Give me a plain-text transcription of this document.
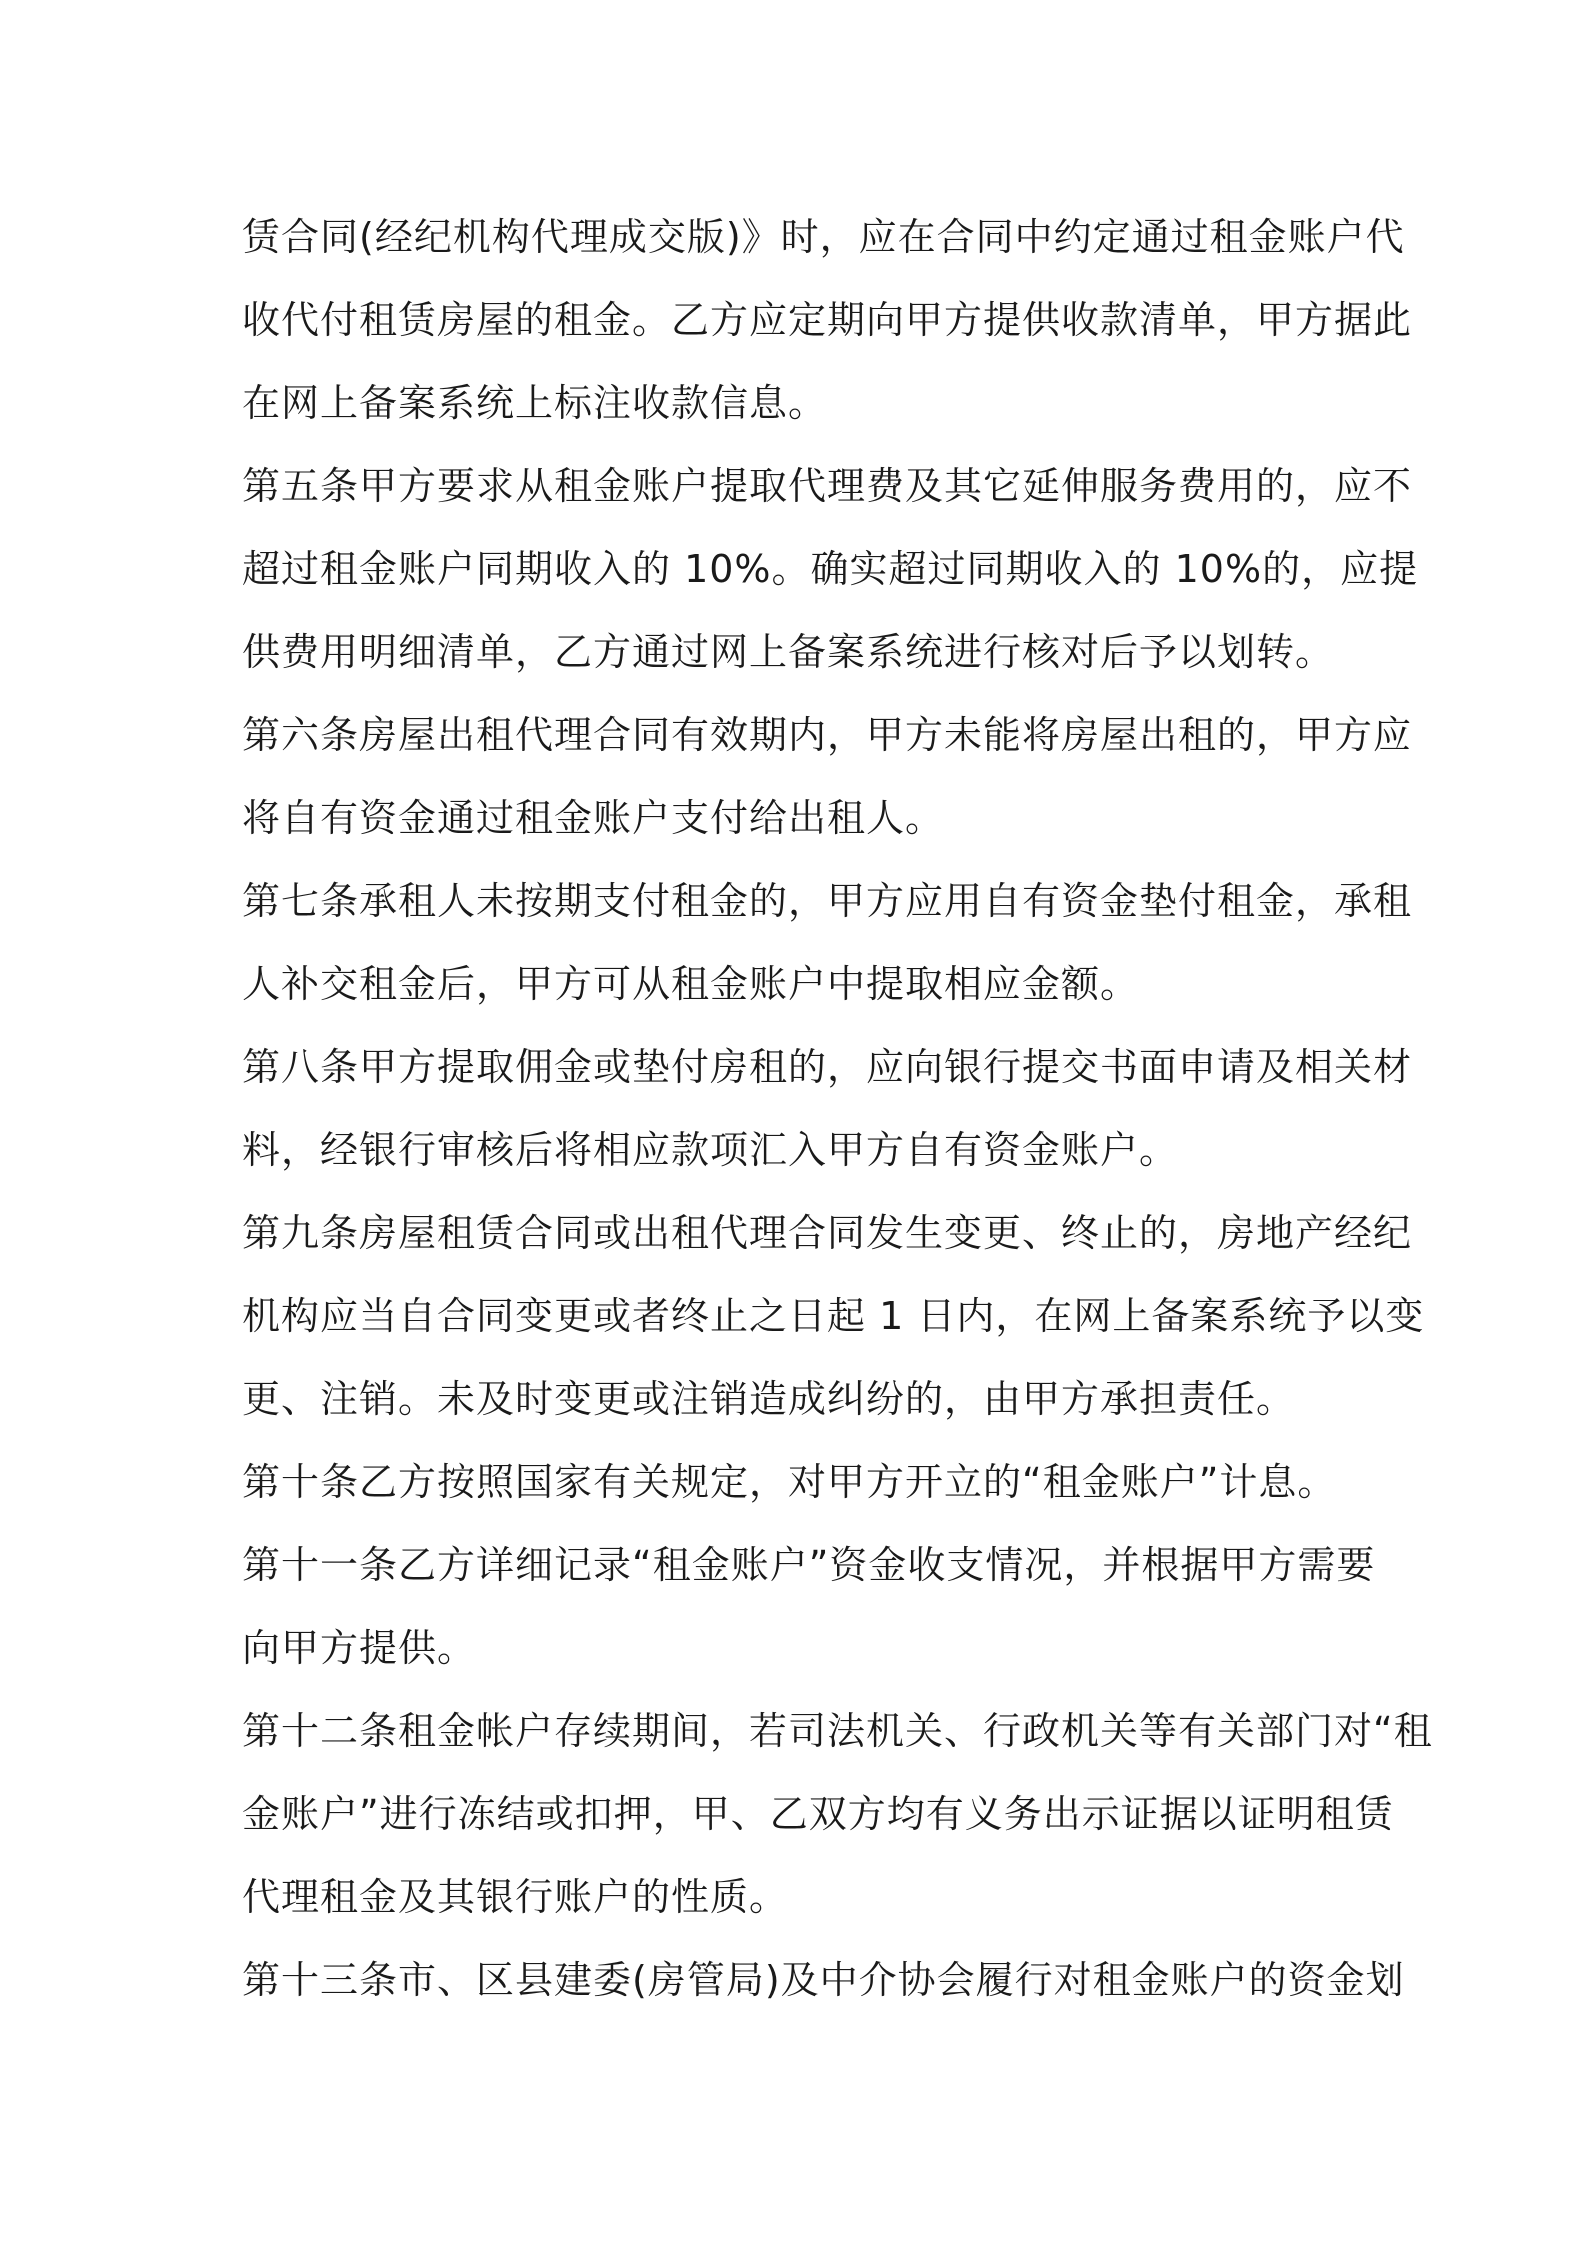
赁合同(经纪机构代理成交版)》时，应在合同中约定通过租金账户代
收代付租赁房屋的租金。乙方应定期向甲方提供收款清单，甲方据此
在网上备案系统上标注收款信息。
第五条甲方要求从租金账户提取代理费及其它延伸服务费用的，应不
超过租金账户同期收入的 10%。确实超过同期收入的 10%的，应提
供费用明细清单，乙方通过网上备案系统进行核对后予以划转。
第六条房屋出租代理合同有效期内，甲方未能将房屋出租的，甲方应
将自有资金通过租金账户支付给出租人。
第七条承租人未按期支付租金的，甲方应用自有资金垫付租金，承租
人补交租金后，甲方可从租金账户中提取相应金额。
第八条甲方提取佣金或垫付房租的，应向银行提交书面申请及相关材
料，经银行审核后将相应款项汇入甲方自有资金账户。
第九条房屋租赁合同或出租代理合同发生变更、终止的，房地产经纪
机构应当自合同变更或者终止之日起 1 日内，在网上备案系统予以变
更、注销。未及时变更或注销造成纠纷的，由甲方承担责任。
第十条乙方按照国家有关规定，对甲方开立的“租金账户”计息。
第十一条乙方详细记录“租金账户”资金收支情况，并根据甲方需要
向甲方提供。
第十二条租金帐户存续期间，若司法机关、行政机关等有关部门对“租
金账户”进行冻结或扣押，甲、乙双方均有义务出示证据以证明租赁
代理租金及其银行账户的性质。
第十三条市、区县建委(房管局)及中介协会履行对租金账户的资金划
